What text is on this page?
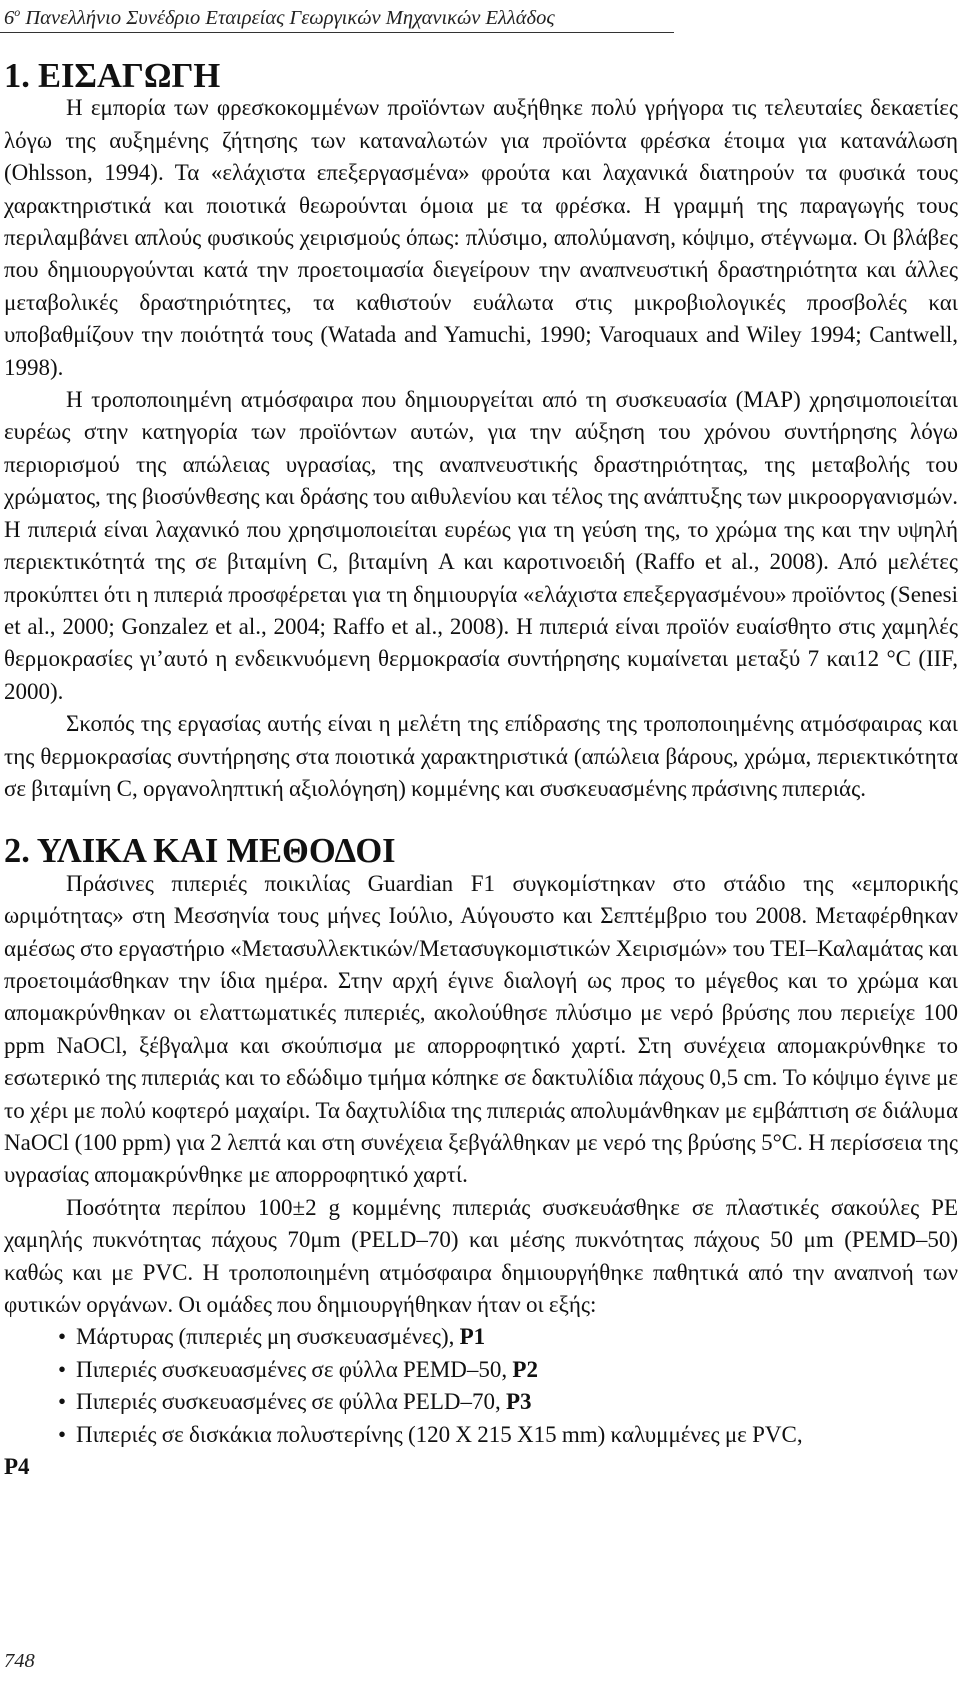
$6^o$ Πανελλήνιο Συνέδριο Εταιρείας Γεωργικών Μηχανικών Ελλάδος
1. ΕΙΣΑΓΩΓΗ

Η εμπορία των φρεσκοκομμένων προϊόντων αυξήθηκε πολύ γρήγορα τις τελευταίες δεκαετίες λόγω της αυξημένης ζήτησης των καταναλωτών για προϊόντα φρέσκα έτοιμα για κατανάλωση (Ohlsson, 1994). Τα «ελάχιστα επεξεργασμένα» φρούτα και λαχανικά διατηρούν τα φυσικά τους χαρακτηριστικά και ποιοτικά θεωρούνται όμοια με τα φρέσκα. Η γραμμή της παραγωγής τους περιλαμβάνει απλούς φυσικούς χειρισμούς όπως: πλύσιμο, απολύμανση, κόψιμο, στέγνωμα. Οι βλάβες που δημιουργούνται κατά την προετοιμασία διεγείρουν την αναπνευστική δραστηριότητα και άλλες μεταβολικές δραστηριότητες, τα καθιστούν ευάλωτα στις μικροβιολογικές προσβολές και υποβαθμίζουν την ποιότητά τους (Watada and Yamuchi, 1990; Varoquaux and Wiley 1994; Cantwell, 1998).

Η τροποποιημένη ατμόσφαιρα που δημιουργείται από τη συσκευασία (MAP) χρησιμοποιείται ευρέως στην κατηγορία των προϊόντων αυτών, για την αύξηση του χρόνου συντήρησης λόγω περιορισμού της απώλειας υγρασίας, της αναπνευστικής δραστηριότητας, της μεταβολής του χρώματος, της βιοσύνθεσης και δράσης του αιθυλενίου και τέλος της ανάπτυξης των μικροοργανισμών. Η πιπεριά είναι λαχανικό που χρησιμοποιείται ευρέως για τη γεύση της, το χρώμα της και την υψηλή περιεκτικότητά της σε βιταμίνη C, βιταμίνη A και καροτινοειδή (Raffo et al., 2008). Από μελέτες προκύπτει ότι η πιπεριά προσφέρεται για τη δημιουργία «ελάχιστα επεξεργασμένου» προϊόντος (Senesi et al., 2000; Gonzalez et al., 2004; Raffo et al., 2008). Η πιπεριά είναι προϊόν ευαίσθητο στις χαμηλές θερμοκρασίες γι’αυτό η ενδεικνυόμενη θερμοκρασία συντήρησης κυμαίνεται μεταξύ 7 και12 °C (IIF, 2000).

Σκοπός της εργασίας αυτής είναι η μελέτη της επίδρασης της τροποποιημένης ατμόσφαιρας και της θερμοκρασίας συντήρησης στα ποιοτικά χαρακτηριστικά (απώλεια βάρους, χρώμα, περιεκτικότητα σε βιταμίνη C, οργανοληπτική αξιολόγηση) κομμένης και συσκευασμένης πράσινης πιπεριάς.

2. ΥΛΙΚΑ ΚΑΙ ΜΕΘΟΔΟΙ

Πράσινες πιπεριές ποικιλίας Guardian F1 συγκομίστηκαν στο στάδιο της «εμπορικής ωριμότητας» στη Μεσσηνία τους μήνες Ιούλιο, Αύγουστο και Σεπτέμβριο του 2008. Μεταφέρθηκαν αμέσως στο εργαστήριο «Μετασυλλεκτικών/Μετασυγκομιστικών Χειρισμών» του ΤΕΙ–Καλαμάτας και προετοιμάσθηκαν την ίδια ημέρα. Στην αρχή έγινε διαλογή ως προς το μέγεθος και το χρώμα και απομακρύνθηκαν οι ελαττωματικές πιπεριές, ακολούθησε πλύσιμο με νερό βρύσης που περιείχε 100 ppm NaOCl, ξέβγαλμα και σκούπισμα με απορροφητικό χαρτί. Στη συνέχεια απομακρύνθηκε το εσωτερικό της πιπεριάς και το εδώδιμο τμήμα κόπηκε σε δακτυλίδια πάχους 0,5 cm. Το κόψιμο έγινε με το χέρι με πολύ κοφτερό μαχαίρι. Τα δαχτυλίδια της πιπεριάς απολυμάνθηκαν με εμβάπτιση σε διάλυμα NaOCl (100 ppm) για 2 λεπτά και στη συνέχεια ξεβγάλθηκαν με νερό της βρύσης 5°C. Η περίσσεια της υγρασίας απομακρύνθηκε με απορροφητικό χαρτί.

Ποσότητα περίπου 100±2 g κομμένης πιπεριάς συσκευάσθηκε σε πλαστικές σακούλες PE χαμηλής πυκνότητας πάχους 70μm (PELD–70) και μέσης πυκνότητας πάχους 50 μm (PEMD–50) καθώς και με PVC. Η τροποποιημένη ατμόσφαιρα δημιουργήθηκε παθητικά από την αναπνοή των φυτικών οργάνων. Οι ομάδες που δημιουργήθηκαν ήταν οι εξής:

• Μάρτυρας (πιπεριές μη συσκευασμένες), P1
• Πιπεριές συσκευασμένες σε φύλλα PEMD–50, P2
• Πιπεριές συσκευασμένες σε φύλλα PELD–70, P3
• Πιπεριές σε δισκάκια πολυστερίνης (120 X 215 X15 mm) καλυμμένες με PVC,

P4

748
